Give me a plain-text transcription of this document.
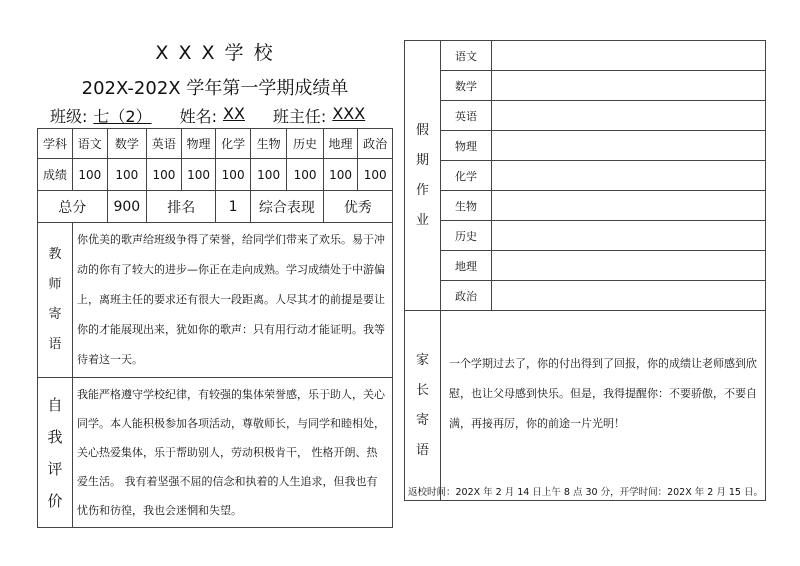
X X X 学 校
202X-202X 学年第一学期成绩单
班级: 七（2） 姓名: XX 班主任: XXX
学科	语文	数学	英语	物理	化学	生物	历史	地理	政治
成绩	100	100	100	100	100	100	100	100	100
总分		900	排名		1	综合表现		优秀	

教
师
寄
语	你优美的歌声给班级争得了荣誉，给同学们带来了欢乐。易于冲动的你有了较大的进步—你正在走向成熟。学习成绩处于中游偏上，离班主任的要求还有很大一段距离。人尽其才的前提是要让你的才能展现出来，犹如你的歌声：只有用行动才能证明。我等待着这一天。								

自
我
评
价	我能严格遵守学校纪律，有较强的集体荣誉感，乐于助人，关心同学。本人能积极参加各项活动，尊敬师长，与同学和睦相处，关心热爱集体，乐于帮助别人，劳动积极肯干， 性格开朗、热爱生活。 我有着坚强不屈的信念和执着的人生追求，但我也有忧伤和彷徨，我也会迷惘和失望。								
假
期
作
业	语文	
	数学	
	英语	
	物理	
	化学	
	生物	
	历史	
	地理	
	政治	

家
长
寄
语	一个学期过去了，你的付出得到了回报，你的成绩让老师感到欣慰，也让父母感到快乐。但是，我得提醒你：不要骄傲，不要自满，再接再厉，你的前途一片光明！	
返校时间：202X 年 2 月 14 日上午 8 点 30 分，开学时间：202X 年 2 月 15 日。
